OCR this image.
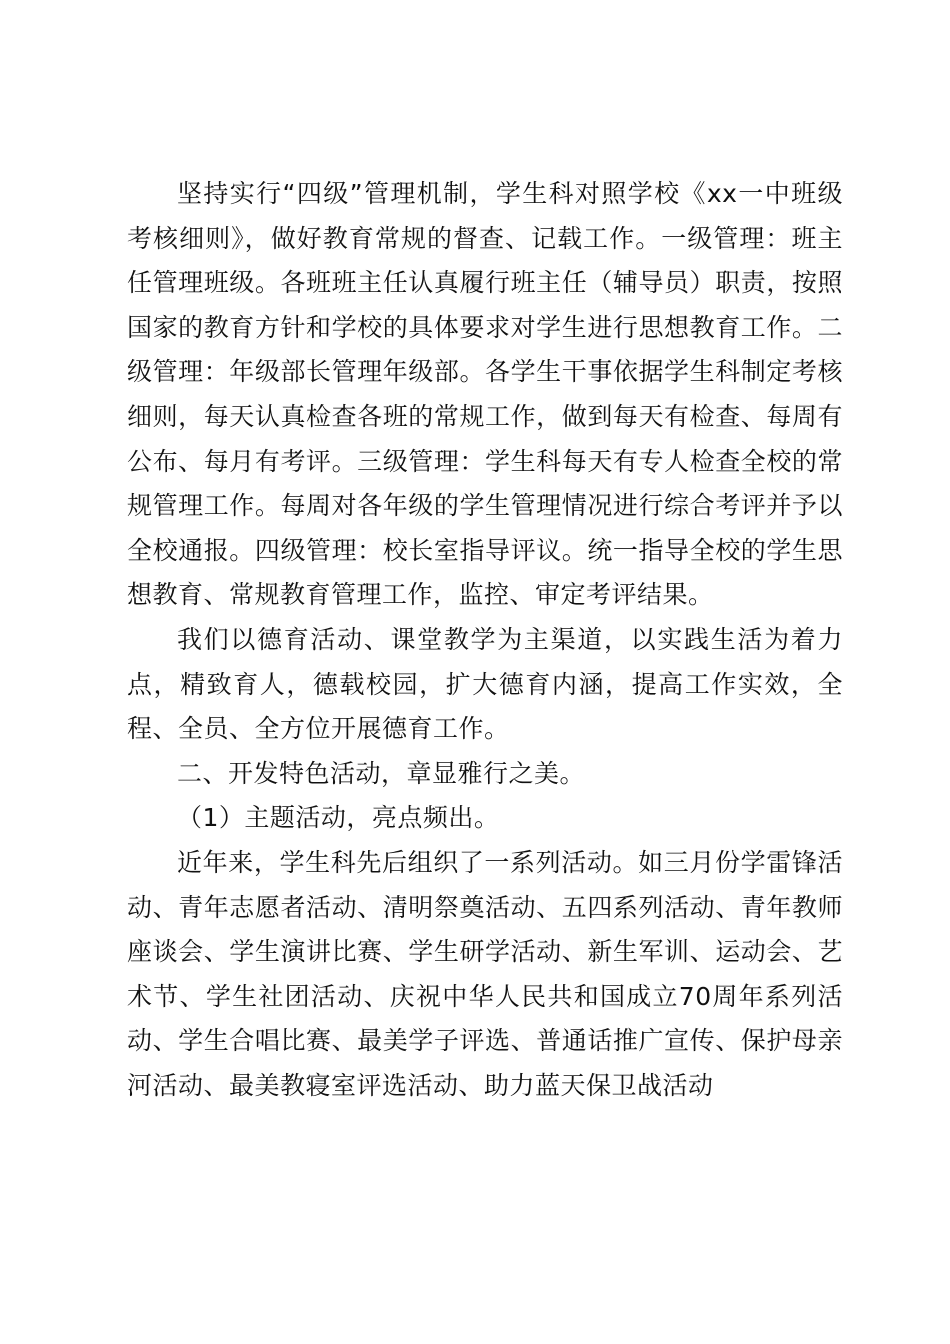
坚持实行“四级”管理机制，学生科对照学校《xx一中班级考核细则》，做好教育常规的督查、记载工作。一级管理：班主任管理班级。各班班主任认真履行班主任（辅导员）职责，按照国家的教育方针和学校的具体要求对学生进行思想教育工作。二级管理：年级部长管理年级部。各学生干事依据学生科制定考核细则，每天认真检查各班的常规工作，做到每天有检查、每周有公布、每月有考评。三级管理：学生科每天有专人检查全校的常规管理工作。每周对各年级的学生管理情况进行综合考评并予以全校通报。四级管理：校长室指导评议。统一指导全校的学生思想教育、常规教育管理工作，监控、审定考评结果。

我们以德育活动、课堂教学为主渠道，以实践生活为着力点，精致育人，德载校园，扩大德育内涵，提高工作实效，全程、全员、全方位开展德育工作。

二、开发特色活动，章显雅行之美。

（1）主题活动，亮点频出。

近年来，学生科先后组织了一系列活动。如三月份学雷锋活动、青年志愿者活动、清明祭奠活动、五四系列活动、青年教师座谈会、学生演讲比赛、学生研学活动、新生军训、运动会、艺术节、学生社团活动、庆祝中华人民共和国成立70周年系列活动、学生合唱比赛、最美学子评选、普通话推广宣传、保护母亲河活动、最美教寝室评选活动、助力蓝天保卫战活动
